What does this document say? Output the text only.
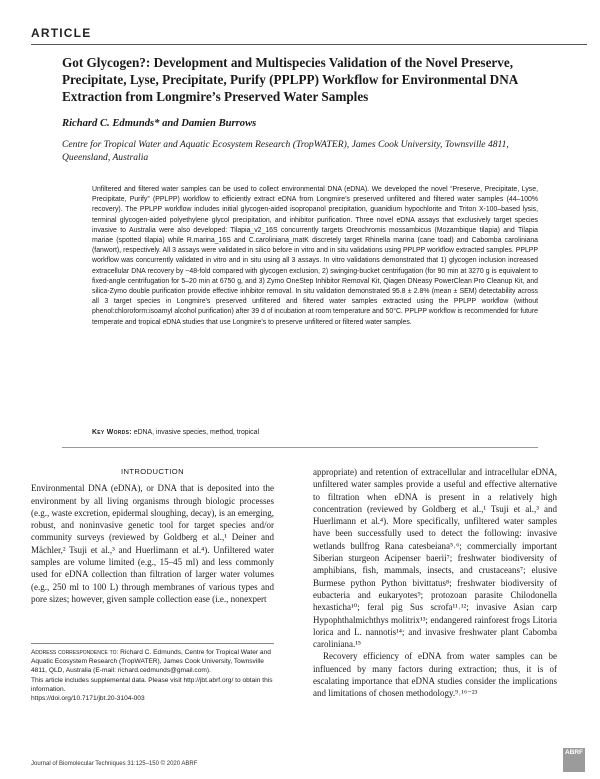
ARTICLE
Got Glycogen?: Development and Multispecies Validation of the Novel Preserve, Precipitate, Lyse, Precipitate, Purify (PPLPP) Workflow for Environmental DNA Extraction from Longmire’s Preserved Water Samples
Richard C. Edmunds* and Damien Burrows
Centre for Tropical Water and Aquatic Ecosystem Research (TropWATER), James Cook University, Townsville 4811, Queensland, Australia

Unfiltered and filtered water samples can be used to collect environmental DNA (eDNA). We developed the novel “Preserve, Precipitate, Lyse, Precipitate, Purify” (PPLPP) workflow to efficiently extract eDNA from Longmire’s preserved unfiltered and filtered water samples (44–100% recovery). The PPLPP workflow includes initial glycogen-aided isopropanol precipitation, guanidium hypochlorite and Triton X-100–based lysis, terminal glycogen-aided polyethylene glycol precipitation, and inhibitor purification. Three novel eDNA assays that exclusively target species invasive to Australia were also developed: Tilapia_v2_16S concurrently targets Oreochromis mossambicus (Mozambique tilapia) and Tilapia mariae (spotted tilapia) while R.marina_16S and C.caroliniana_matK discretely target Rhinella marina (cane toad) and Cabomba caroliniana (fanwort), respectively. All 3 assays were validated in silico before in vitro and in situ validations using PPLPP workflow extracted samples. PPLPP workflow was concurrently validated in vitro and in situ using all 3 assays. In vitro validations demonstrated that 1) glycogen inclusion increased extracellular DNA recovery by ~48-fold compared with glycogen exclusion, 2) swinging-bucket centrifugation (for 90 min at 3270 g is equivalent to fixed-angle centrifugation for 5–20 min at 6750 g, and 3) Zymo OneStep Inhibitor Removal Kit, Qiagen DNeasy PowerClean Pro Cleanup Kit, and silica-Zymo double purification provide effective inhibitor removal. In situ validation demonstrated 95.8 ± 2.8% (mean ± SEM) detectability across all 3 target species in Longmire’s preserved unfiltered and filtered water samples extracted using the PPLPP workflow (without phenol:chloroform:isoamyl alcohol purification) after 39 d of incubation at room temperature and 50°C. PPLPP workflow is recommended for future temperate and tropical eDNA studies that use Longmire’s to preserve unfiltered or filtered water samples.

Key Words: eDNA, invasive species, method, tropical
INTRODUCTION

Environmental DNA (eDNA), or DNA that is deposited into the environment by all living organisms through biologic processes (e.g., waste excretion, epidermal sloughing, decay), is an emerging, robust, and noninvasive genetic tool for target species and/or community surveys (reviewed by Goldberg et al.,¹ Deiner and Mächler,² Tsuji et al.,³ and Huerlimann et al.⁴). Unfiltered water samples are volume limited (e.g., 15–45 ml) and less commonly used for eDNA collection than filtration of larger water volumes (e.g., 250 ml to 100 L) through membranes of various types and pore sizes; however, given sample collection ease (i.e., nonexpert

appropriate) and retention of extracellular and intracellular eDNA, unfiltered water samples provide a useful and effective alternative to filtration when eDNA is present in a relatively high concentration (reviewed by Goldberg et al.,¹ Tsuji et al.,³ and Huerlimann et al.⁴). More specifically, unfiltered water samples have been successfully used to detect the following: invasive wetlands bullfrog Rana catesbeiana⁵˒⁶; commercially important Siberian sturgeon Acipenser baerii⁷; freshwater biodiversity of amphibians, fish, mammals, insects, and crustaceans⁷; elusive Burmese python Python bivittatus⁸; freshwater biodiversity of eubacteria and eukaryotes⁹; protozoan parasite Chilodonella hexasticha¹⁰; feral pig Sus scrofa¹¹˒¹²; invasive Asian carp Hypophthalmichthys molitrix¹³; endangered rainforest frogs Litoria lorica and L. nannotis¹⁴; and invasive freshwater plant Cabomba caroliniana.¹⁵

Recovery efficiency of eDNA from water samples can be influenced by many factors during extraction; thus, it is of escalating importance that eDNA studies consider the implications and limitations of chosen methodology.⁹˒¹⁶⁻²³

Address correspondence to: Richard C. Edmunds, Centre for Tropical Water and Aquatic Ecosystem Research (TropWATER), James Cook University, Townsville 4811, QLD, Australia (E-mail: richard.cedmunds@gmail.com).

This article includes supplemental data. Please visit http://jbt.abrf.org/ to obtain this information.

https://doi.org/10.7171/jbt.20-3104-003

Journal of Biomolecular Techniques 31:125–150 © 2020 ABRF
ABRF
